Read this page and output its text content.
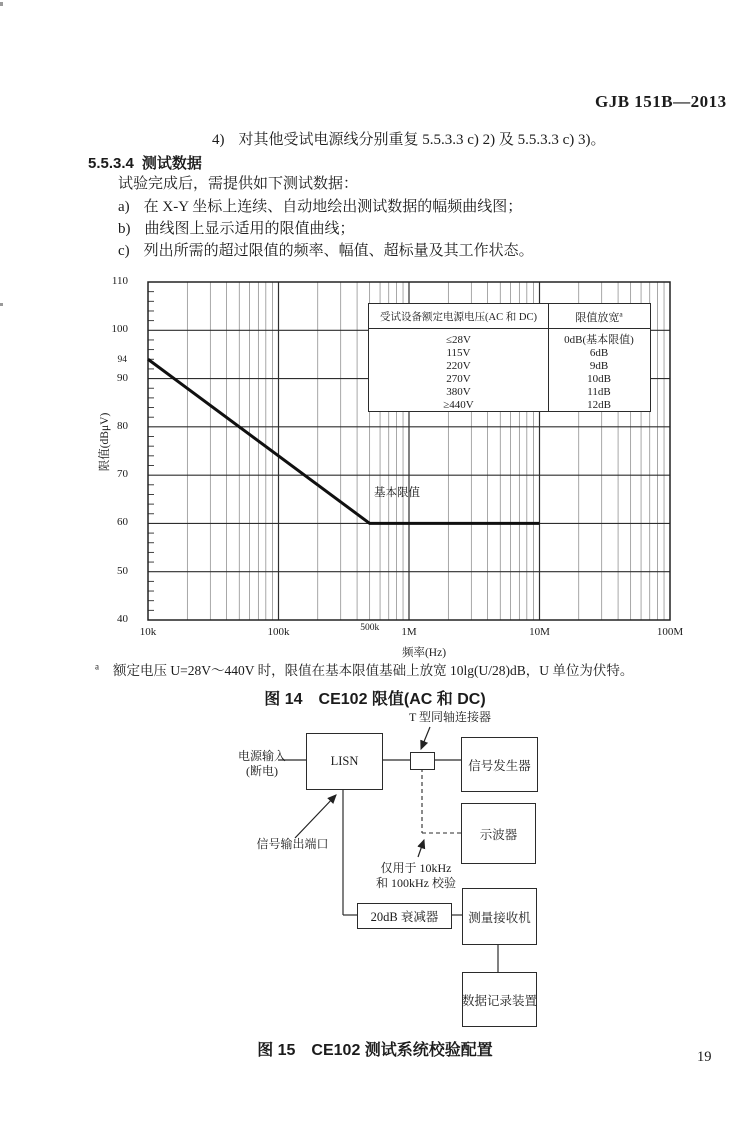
GJB 151B—2013
4) 对其他受试电源线分别重复 5.5.3.3 c) 2) 及 5.5.3.3 c) 3)。
5.5.3.4 测试数据
试验完成后，需提供如下测试数据：
a) 在 X-Y 坐标上连续、自动地绘出测试数据的幅频曲线图；
b) 曲线图上显示适用的限值曲线；
c) 列出所需的超过限值的频率、幅值、超标量及其工作状态。
10k	100k	500k	1M	10M	100M
110
100
94
90
80
70
60
50
40
限值(dBμV)
频率(Hz)
基本限值
受试设备额定电源电压(AC 和 DC)	限值放宽$^a$
≤28V	0dB(基本限值)
115V	6dB
220V	9dB
270V	10dB
380V	11dB
≥440V	12dB
$^a$ 额定电压 U=28V～440V 时，限值在基本限值基础上放宽 10lg(U/28)dB，U 单位为伏特。
图 14　CE102 限值(AC 和 DC)
LISN	信号发生器
示波器
20dB 衰减器	测量接收机
数据记录装置
电源输入
(断电)
T 型同轴连接器
信号输出端口
仅用于 10kHz
和 100kHz 校验
图 15　CE102 测试系统校验配置	19
